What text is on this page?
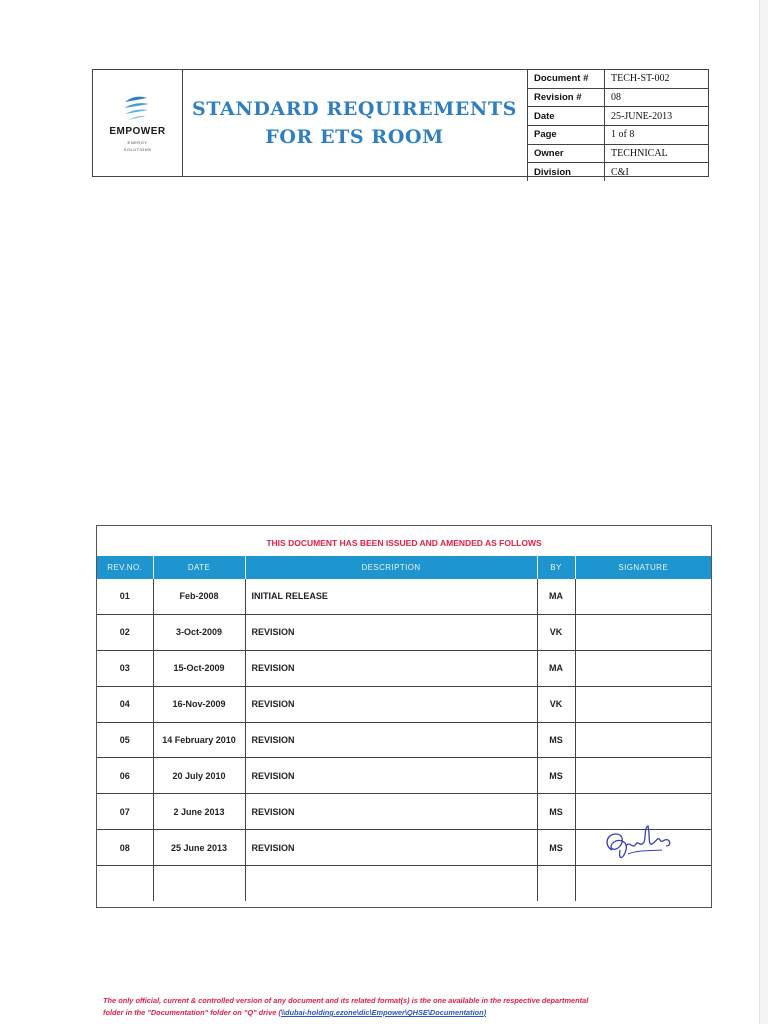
EMPOWER
ENERGY
SOLUTIONS
STANDARD REQUIREMENTS
FOR ETS ROOM
Document #	TECH-ST-002
Revision #	08
Date	25-JUNE-2013
Page	1 of 8
Owner	TECHNICAL
Division	C&I
THIS DOCUMENT HAS BEEN ISSUED AND AMENDED AS FOLLOWS
REV.NO.	DATE	DESCRIPTION	BY	SIGNATURE
01	Feb-2008	INITIAL RELEASE	MA	
02	3-Oct-2009	REVISION	VK	
03	15-Oct-2009	REVISION	MA	
04	16-Nov-2009	REVISION	VK	
05	14 February 2010	REVISION	MS	
06	20 July 2010	REVISION	MS	
07	2 June 2013	REVISION	MS	
08	25 June 2013	REVISION	MS	

The only official, current & controlled version of any document and its related format(s) is the one available in the respective departmental
folder in the "Documentation" folder on "Q" drive (\\dubai-holding.ezone\dic\Empower\QHSE\Documentation)
